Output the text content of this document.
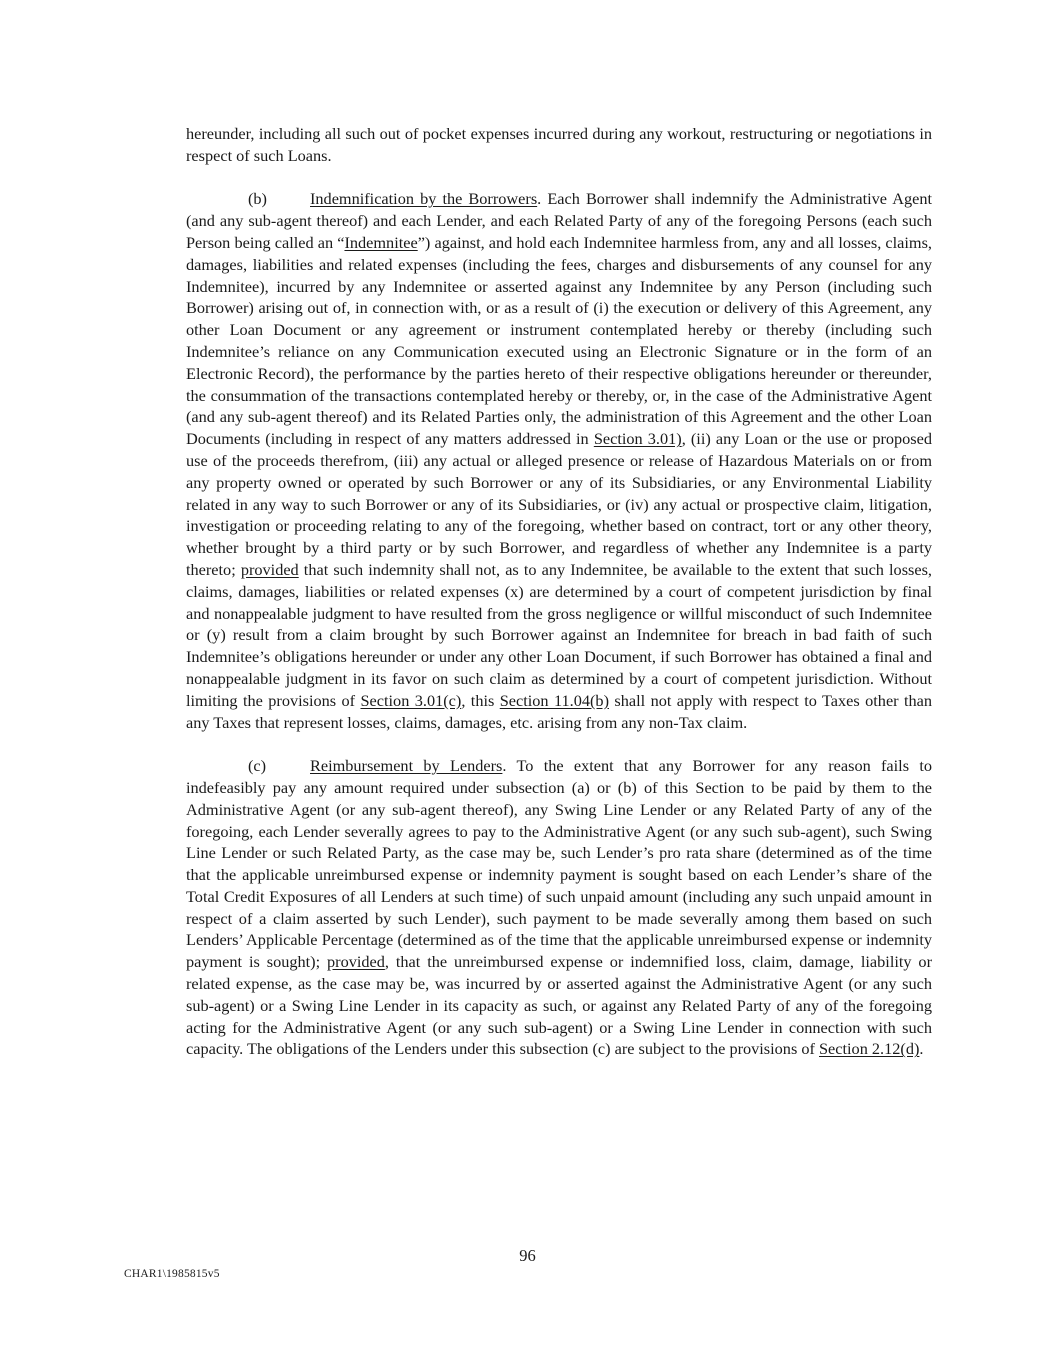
hereunder, including all such out of pocket expenses incurred during any workout, restructuring or negotiations in respect of such Loans.

(b)	Indemnification by the Borrowers. Each Borrower shall indemnify the Administrative Agent (and any sub-agent thereof) and each Lender, and each Related Party of any of the foregoing Persons (each such Person being called an “Indemnitee”) against, and hold each Indemnitee harmless from, any and all losses, claims, damages, liabilities and related expenses (including the fees, charges and disbursements of any counsel for any Indemnitee), incurred by any Indemnitee or asserted against any Indemnitee by any Person (including such Borrower) arising out of, in connection with, or as a result of (i) the execution or delivery of this Agreement, any other Loan Document or any agreement or instrument contemplated hereby or thereby (including such Indemnitee’s reliance on any Communication executed using an Electronic Signature or in the form of an Electronic Record), the performance by the parties hereto of their respective obligations hereunder or thereunder, the consummation of the transactions contemplated hereby or thereby, or, in the case of the Administrative Agent (and any sub-agent thereof) and its Related Parties only, the administration of this Agreement and the other Loan Documents (including in respect of any matters addressed in Section 3.01), (ii) any Loan or the use or proposed use of the proceeds therefrom, (iii) any actual or alleged presence or release of Hazardous Materials on or from any property owned or operated by such Borrower or any of its Subsidiaries, or any Environmental Liability related in any way to such Borrower or any of its Subsidiaries, or (iv) any actual or prospective claim, litigation, investigation or proceeding relating to any of the foregoing, whether based on contract, tort or any other theory, whether brought by a third party or by such Borrower, and regardless of whether any Indemnitee is a party thereto; provided that such indemnity shall not, as to any Indemnitee, be available to the extent that such losses, claims, damages, liabilities or related expenses (x) are determined by a court of competent jurisdiction by final and nonappealable judgment to have resulted from the gross negligence or willful misconduct of such Indemnitee or (y) result from a claim brought by such Borrower against an Indemnitee for breach in bad faith of such Indemnitee’s obligations hereunder or under any other Loan Document, if such Borrower has obtained a final and nonappealable judgment in its favor on such claim as determined by a court of competent jurisdiction. Without limiting the provisions of Section 3.01(c), this Section 11.04(b) shall not apply with respect to Taxes other than any Taxes that represent losses, claims, damages, etc. arising from any non-Tax claim.

(c)	Reimbursement by Lenders. To the extent that any Borrower for any reason fails to indefeasibly pay any amount required under subsection (a) or (b) of this Section to be paid by them to the Administrative Agent (or any sub-agent thereof), any Swing Line Lender or any Related Party of any of the foregoing, each Lender severally agrees to pay to the Administrative Agent (or any such sub-agent), such Swing Line Lender or such Related Party, as the case may be, such Lender’s pro rata share (determined as of the time that the applicable unreimbursed expense or indemnity payment is sought based on each Lender’s share of the Total Credit Exposures of all Lenders at such time) of such unpaid amount (including any such unpaid amount in respect of a claim asserted by such Lender), such payment to be made severally among them based on such Lenders’ Applicable Percentage (determined as of the time that the applicable unreimbursed expense or indemnity payment is sought); provided, that the unreimbursed expense or indemnified loss, claim, damage, liability or related expense, as the case may be, was incurred by or asserted against the Administrative Agent (or any such sub-agent) or a Swing Line Lender in its capacity as such, or against any Related Party of any of the foregoing acting for the Administrative Agent (or any such sub-agent) or a Swing Line Lender in connection with such capacity. The obligations of the Lenders under this subsection (c) are subject to the provisions of Section 2.12(d).

96
CHAR1\1985815v5
